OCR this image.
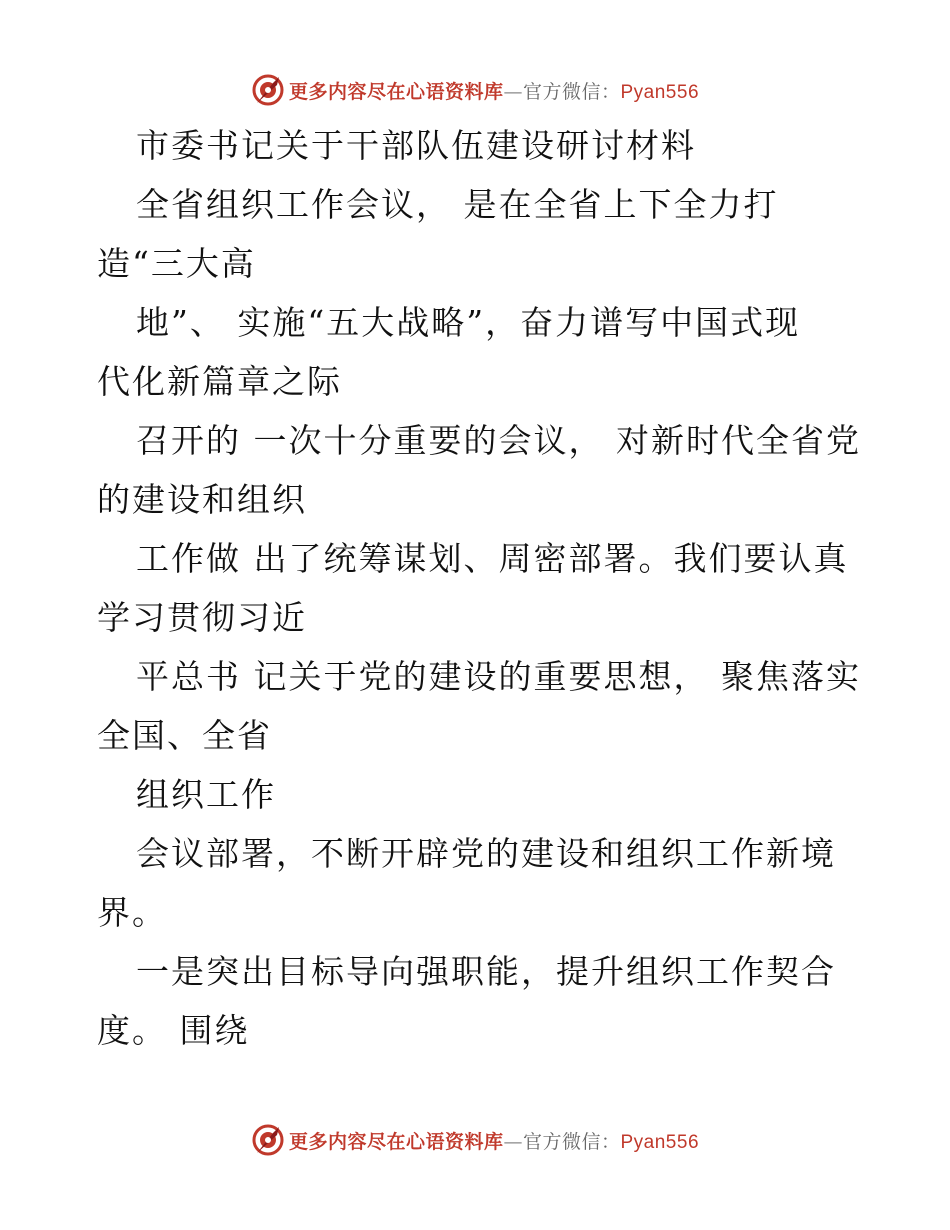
更多内容尽在心语资料库—官方微信：Pyan556
市委书记关于干部队伍建设研讨材料
全省组织工作会议， 是在全省上下全力打
造“三大高
地”、 实施“五大战略”，奋力谱写中国式现
代化新篇章之际
召开的 一次十分重要的会议， 对新时代全省党
的建设和组织
工作做 出了统筹谋划、周密部署。我们要认真
学习贯彻习近
平总书 记关于党的建设的重要思想， 聚焦落实
全国、全省
组织工作
会议部署，不断开辟党的建设和组织工作新境
界。
一是突出目标导向强职能，提升组织工作契合
度。 围绕
更多内容尽在心语资料库—官方微信：Pyan556
